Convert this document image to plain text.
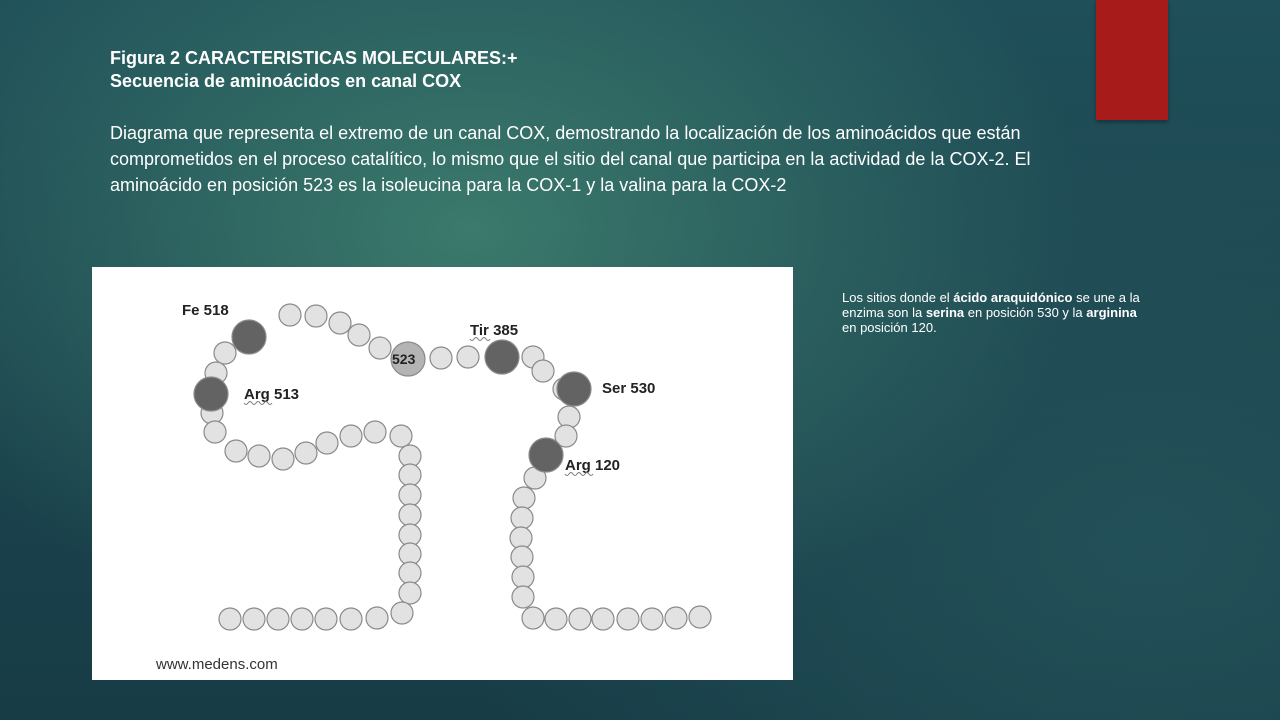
Figura 2 CARACTERISTICAS MOLECULARES:+

Secuencia de aminoácidos en canal COX

Diagrama que representa el extremo de un canal COX, demostrando la localización de los aminoácidos que están comprometidos en el proceso catalítico, lo mismo que el sitio del canal que participa en la actividad de la COX-2. El aminoácido en posición 523 es la isoleucina para la COX-1 y la valina para la COX-2
Fe 518
Arg 513
Tir 385
Ser 530
Arg 120
523
www.medens.com
Los sitios donde el ácido araquidónico se une a la enzima son la serina en posición 530 y la arginina
en posición 120.
